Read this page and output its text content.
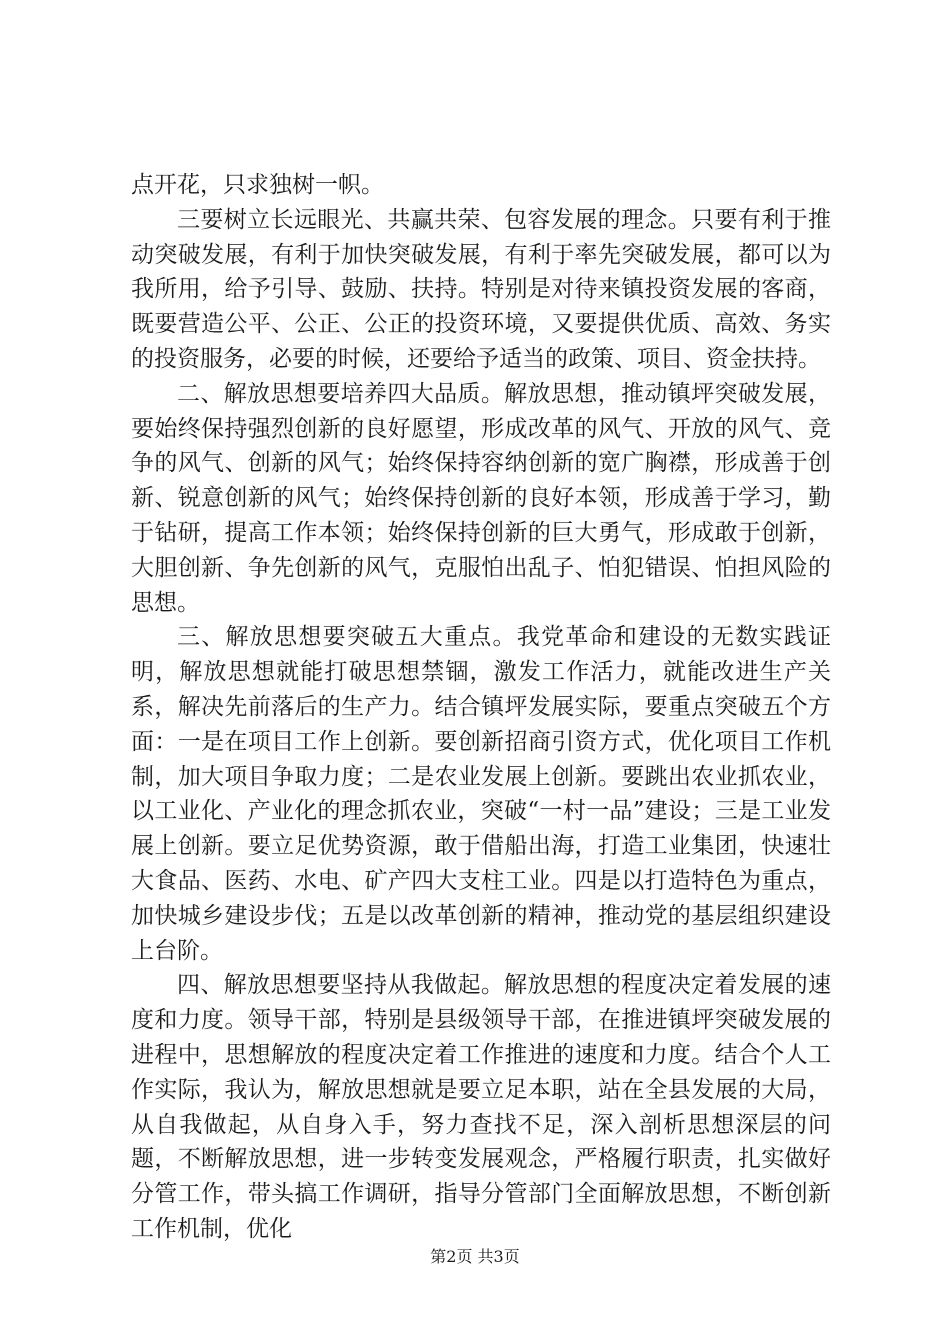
点开花，只求独树一帜。

三要树立长远眼光、共赢共荣、包容发展的理念。只要有利于推动突破发展，有利于加快突破发展，有利于率先突破发展，都可以为我所用，给予引导、鼓励、扶持。特别是对待来镇投资发展的客商，既要营造公平、公正、公正的投资环境，又要提供优质、高效、务实的投资服务，必要的时候，还要给予适当的政策、项目、资金扶持。

二、解放思想要培养四大品质。解放思想，推动镇坪突破发展，要始终保持强烈创新的良好愿望，形成改革的风气、开放的风气、竞争的风气、创新的风气；始终保持容纳创新的宽广胸襟，形成善于创新、锐意创新的风气；始终保持创新的良好本领，形成善于学习，勤于钻研，提高工作本领；始终保持创新的巨大勇气，形成敢于创新，大胆创新、争先创新的风气，克服怕出乱子、怕犯错误、怕担风险的思想。

三、解放思想要突破五大重点。我党革命和建设的无数实践证明，解放思想就能打破思想禁锢，激发工作活力，就能改进生产关系，解决先前落后的生产力。结合镇坪发展实际，要重点突破五个方面：一是在项目工作上创新。要创新招商引资方式，优化项目工作机制，加大项目争取力度；二是农业发展上创新。要跳出农业抓农业，以工业化、产业化的理念抓农业，突破“一村一品”建设；三是工业发展上创新。要立足优势资源，敢于借船出海，打造工业集团，快速壮大食品、医药、水电、矿产四大支柱工业。四是以打造特色为重点，加快城乡建设步伐；五是以改革创新的精神，推动党的基层组织建设上台阶。

四、解放思想要坚持从我做起。解放思想的程度决定着发展的速度和力度。领导干部，特别是县级领导干部，在推进镇坪突破发展的进程中，思想解放的程度决定着工作推进的速度和力度。结合个人工作实际，我认为，解放思想就是要立足本职，站在全县发展的大局，从自我做起，从自身入手，努力查找不足，深入剖析思想深层的问题，不断解放思想，进一步转变发展观念，严格履行职责，扎实做好分管工作，带头搞工作调研，指导分管部门全面解放思想，不断创新工作机制，优化

第2页 共3页
